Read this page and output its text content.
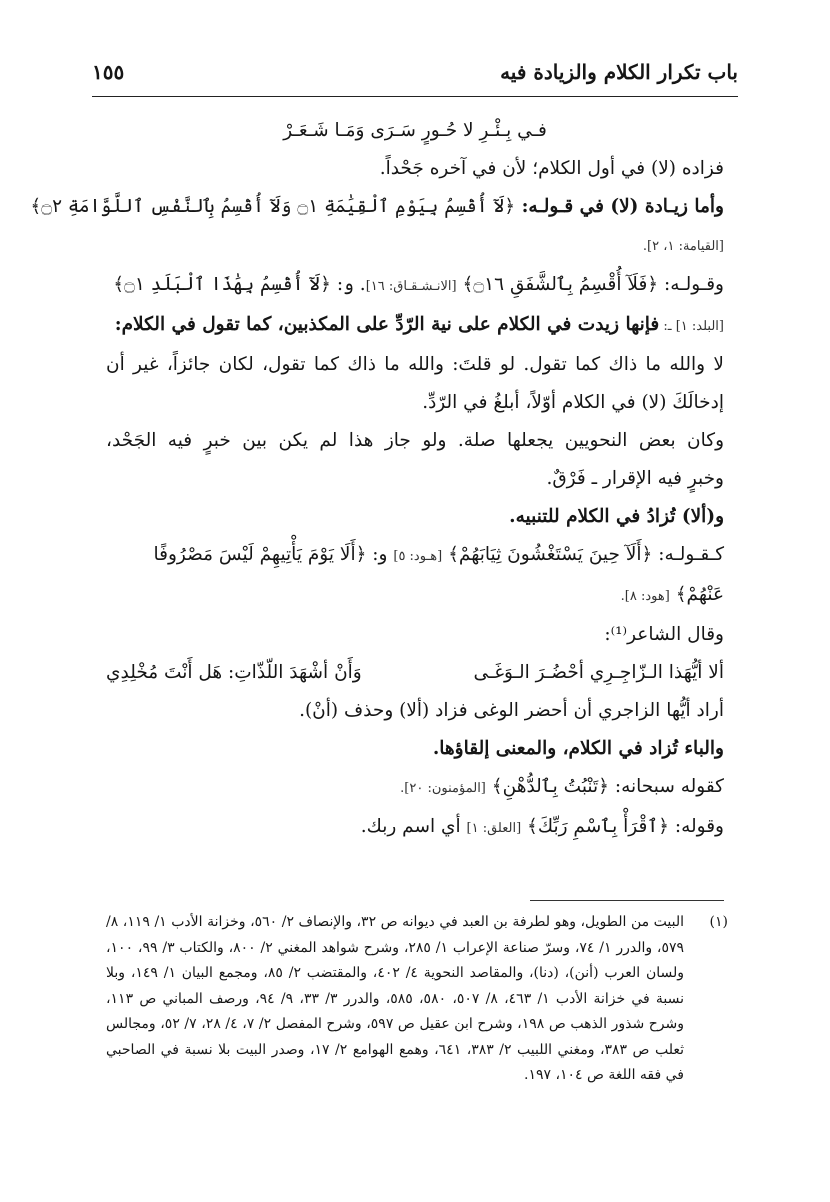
باب تكرار الكلام والزيادة فيه
١٥٥
فـي بِـئْـرِ لا حُـورٍ سَـرَى وَمَـا شَـعَـرْ
فزاده (لا) في أول الكلام؛ لأن في آخره جَحْداً.
وأما زيـادة (لا) في قـولـه: ﴿لَآ أُقْسِمُ بِيَوْمِ ٱلْقِيَٰمَةِ ۝١ وَلَآ أُقْسِمُ بِٱلنَّفْسِ ٱللَّوَّامَةِ ۝٢﴾
[القيامة: ١، ٢].
وقـولـه: ﴿فَلَآ أُقْسِمُ بِٱلشَّفَقِ ۝١٦﴾ [الانـشـقـاق: ١٦]. و: ﴿لَآ أُقْسِمُ بِهَٰذَا ٱلْبَلَدِ ۝١﴾
[البلد: ١] ـ: فإنها زيدت في الكلام على نية الرّدِّ على المكذبين، كما تقول في الكلام:
لا والله ما ذاك كما تقول. لو قلتَ: والله ما ذاك كما تقول، لكان جائزاً، غير أن
إدخالَكَ (لا) في الكلام أوّلاً، أبلغُ في الرّدِّ.
وكان بعض النحويين يجعلها صلة. ولو جاز هذا لم يكن بين خبرٍ فيه الجَحْد،
وخبرٍ فيه الإقرار ـ فَرْقٌ.
و(ألا) تُزادُ في الكلام للتنبيه.
كـقـولـه: ﴿أَلَآ حِينَ يَسْتَغْشُونَ ثِيَابَهُمْ﴾ [هـود: ٥] و: ﴿أَلَا يَوْمَ يَأْتِيهِمْ لَيْسَ مَصْرُوفًا
عَنْهُمْ﴾ [هود: ٨].
وقال الشاعر⁽¹⁾:
ألا أيُّهَذا الـزّاجِـرِي أحْضُـرَ الـوَغَـى
وَأَنْ أشْهَدَ اللّذّاتِ: هَل أَنْتَ مُخْلِدِي
أراد أيُّها الزاجري أن أحضر الوغى فزاد (ألا) وحذف (أنْ).
والباء تُزاد في الكلام، والمعنى إلقاؤها.
كقوله سبحانه: ﴿تَنْبُتُ بِٱلدُّهْنِ﴾ [المؤمنون: ٢٠].
وقوله: ﴿ٱقْرَأْ بِٱسْمِ رَبِّكَ﴾ [العلق: ١] أي اسم ربك.
(١)
البيت من الطويل، وهو لطرفة بن العبد في ديوانه ص ٣٢، والإنصاف ٢/ ٥٦٠، وخزانة الأدب ١/ ١١٩، ٨/ ٥٧٩، والدرر ١/ ٧٤، وسرّ صناعة الإعراب ١/ ٢٨٥، وشرح شواهد المغني ٢/ ٨٠٠، والكتاب ٣/ ٩٩، ١٠٠، ولسان العرب (أنن)، (دنا)، والمقاصد النحوية ٤/ ٤٠٢، والمقتضب ٢/ ٨٥، ومجمع البيان ١/ ١٤٩، وبلا نسبة في خزانة الأدب ١/ ٤٦٣، ٨/ ٥٠٧، ٥٨٠، ٥٨٥، والدرر ٣/ ٣٣، ٩/ ٩٤، ورصف المباني ص ١١٣، وشرح شذور الذهب ص ١٩٨، وشرح ابن عقيل ص ٥٩٧، وشرح المفصل ٢/ ٧، ٤/ ٢٨، ٧/ ٥٢، ومجالس ثعلب ص ٣٨٣، ومغني اللبيب ٢/ ٣٨٣، ٦٤١، وهمع الهوامع ٢/ ١٧، وصدر البيت بلا نسبة في الصاحبي في فقه اللغة ص ١٠٤، ١٩٧.
